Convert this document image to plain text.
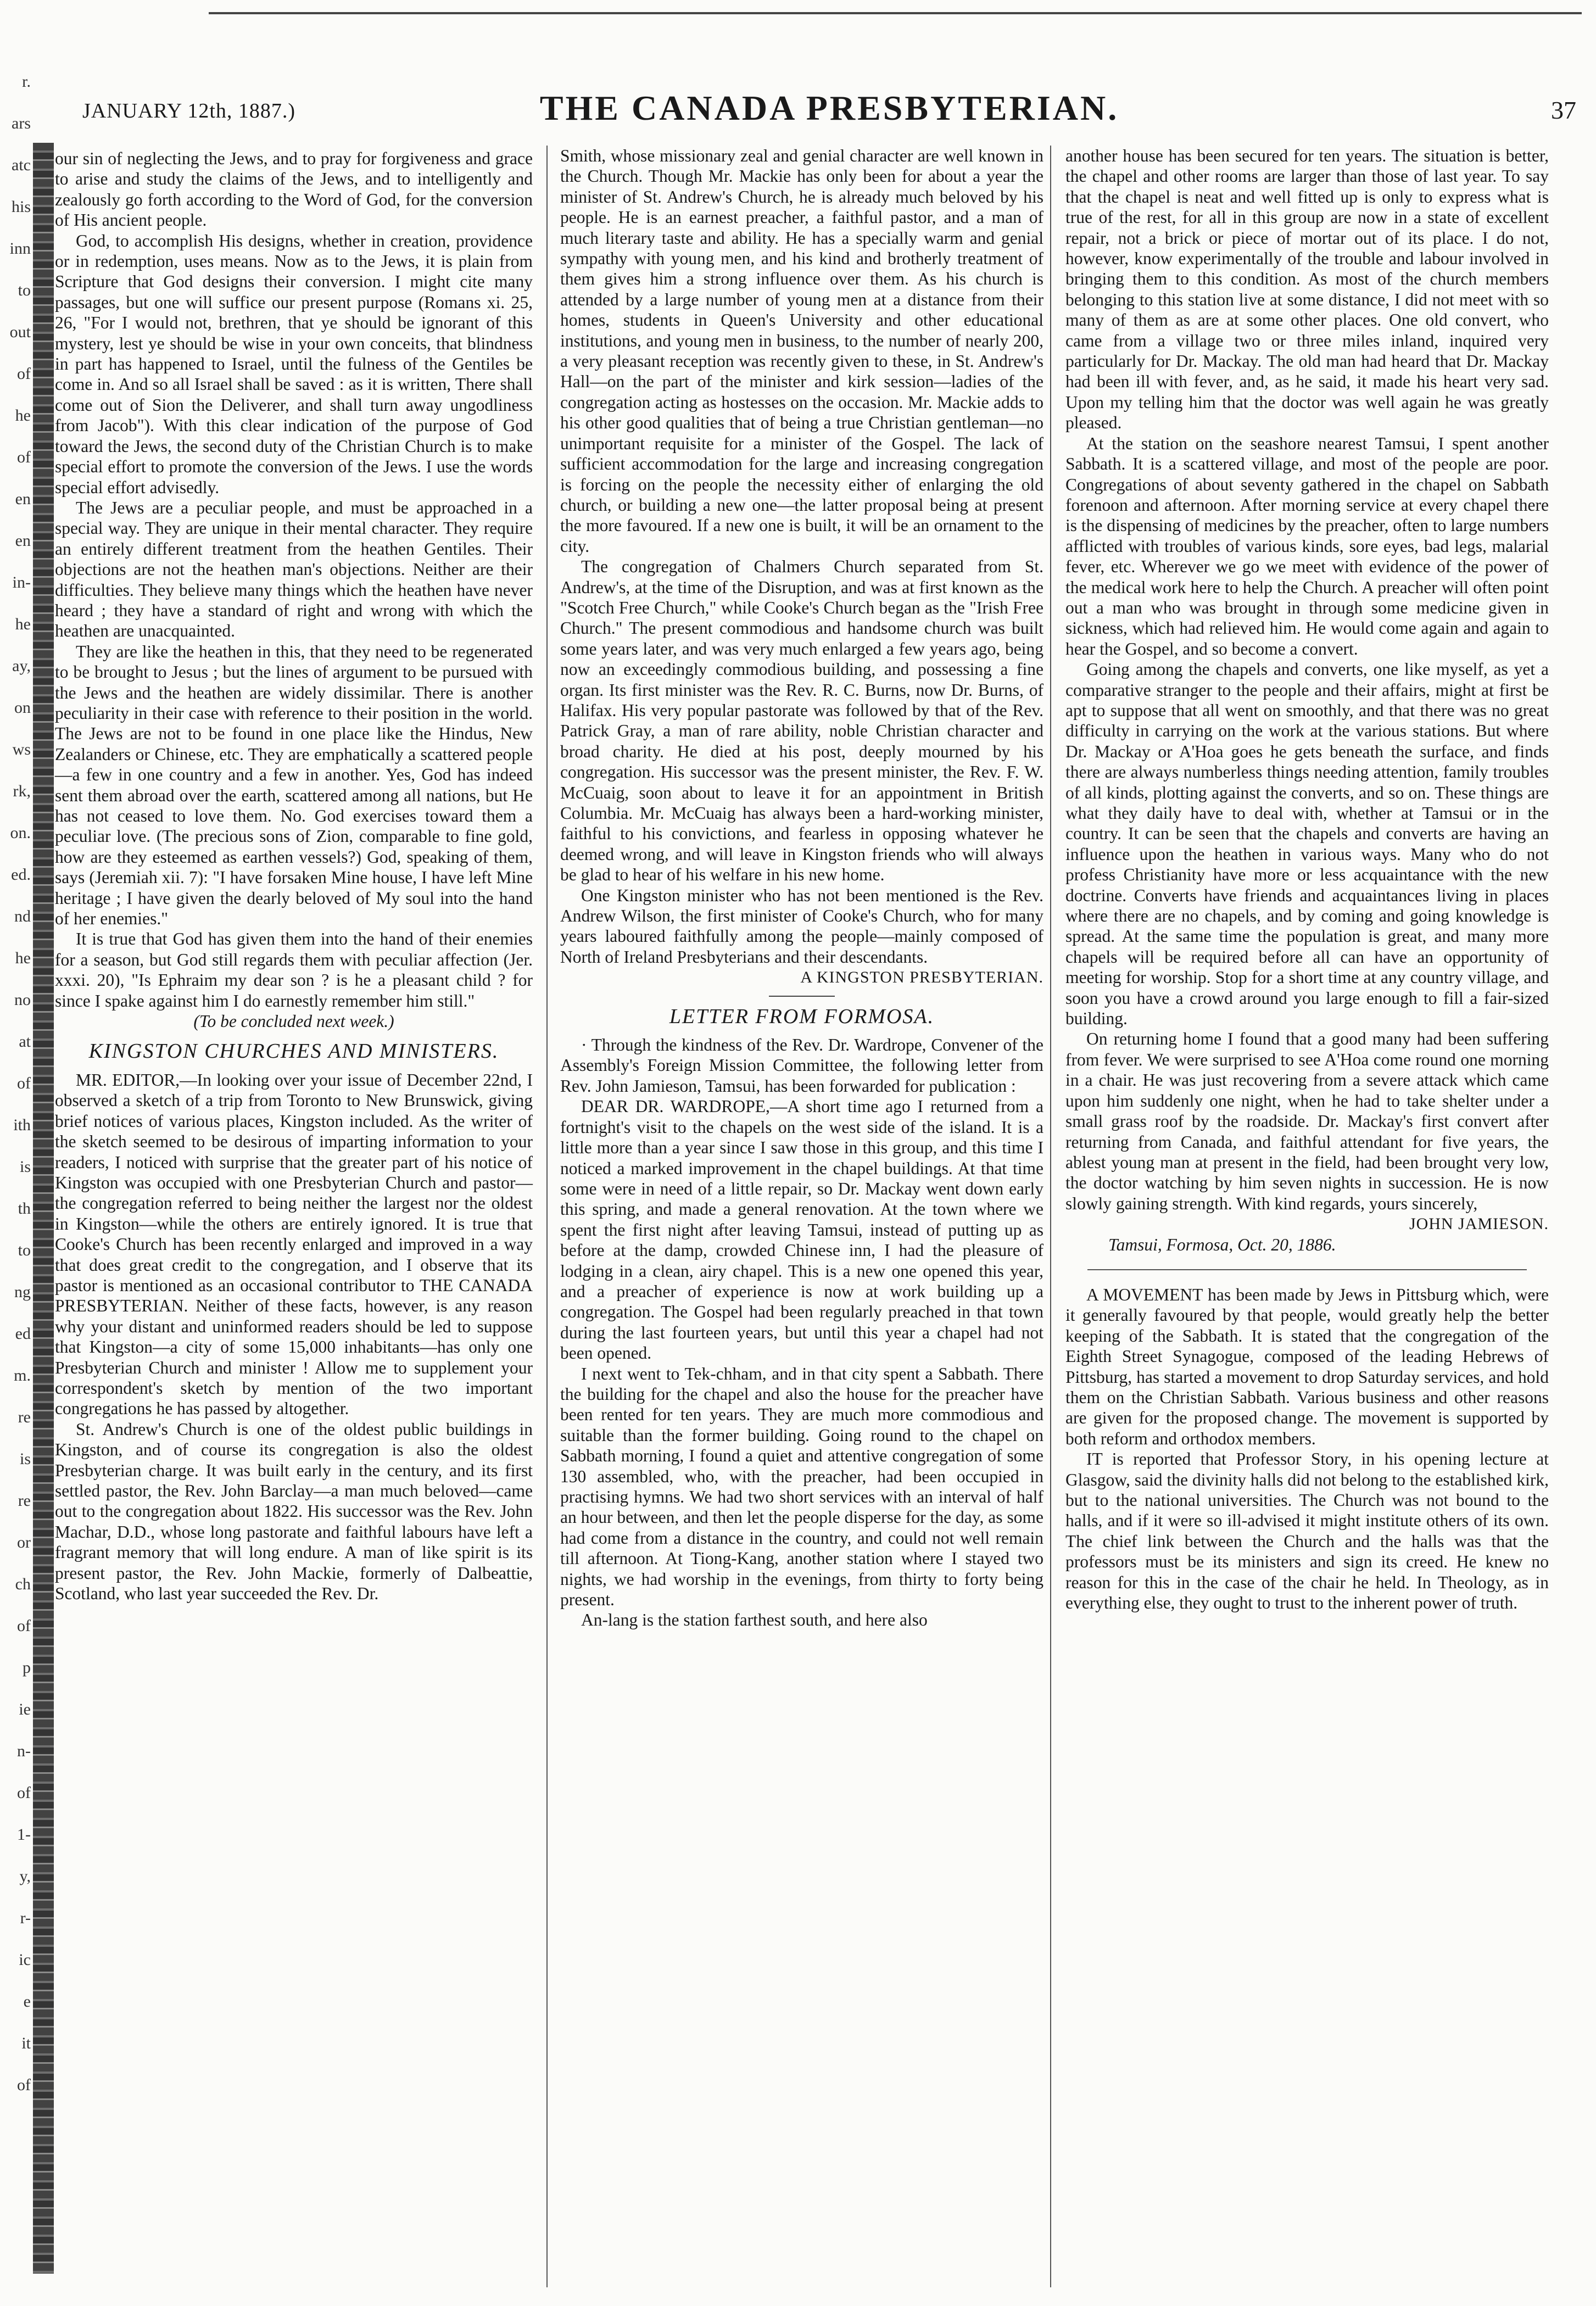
r.
ars
atc
his
inn
to
out
of
he
of
en
en
in-
he
ay,
on
ws
rk,
on.
ed.
nd
he
no
at
of
ith
is
th
to
ng
ed
m.
re
is
re
or
ch
of
p
ie
n-
of
1-
y,
r-
ic
e
it
of
JANUARY 12th, 1887.)	THE CANADA PRESBYTERIAN.	37

our sin of neglecting the Jews, and to pray for forgiveness and grace to arise and study the claims of the Jews, and to intelligently and zealously go forth according to the Word of God, for the conversion of His ancient people.

God, to accomplish His designs, whether in creation, providence or in redemption, uses means. Now as to the Jews, it is plain from Scripture that God designs their conversion. I might cite many passages, but one will suffice our present purpose (Romans xi. 25, 26, "For I would not, brethren, that ye should be ignorant of this mystery, lest ye should be wise in your own conceits, that blindness in part has happened to Israel, until the fulness of the Gentiles be come in. And so all Israel shall be saved : as it is written, There shall come out of Sion the Deliverer, and shall turn away ungodliness from Jacob"). With this clear indication of the purpose of God toward the Jews, the second duty of the Christian Church is to make special effort to promote the conversion of the Jews. I use the words special effort advisedly.

The Jews are a peculiar people, and must be approached in a special way. They are unique in their mental character. They require an entirely different treatment from the heathen Gentiles. Their objections are not the heathen man's objections. Neither are their difficulties. They believe many things which the heathen have never heard ; they have a standard of right and wrong with which the heathen are unacquainted.

They are like the heathen in this, that they need to be regenerated to be brought to Jesus ; but the lines of argument to be pursued with the Jews and the heathen are widely dissimilar. There is another peculiarity in their case with reference to their position in the world. The Jews are not to be found in one place like the Hindus, New Zealanders or Chinese, etc. They are emphatically a scattered people —a few in one country and a few in another. Yes, God has indeed sent them abroad over the earth, scattered among all nations, but He has not ceased to love them. No. God exercises toward them a peculiar love. (The precious sons of Zion, comparable to fine gold, how are they esteemed as earthen vessels?) God, speaking of them, says (Jeremiah xii. 7): "I have forsaken Mine house, I have left Mine heritage ; I have given the dearly beloved of My soul into the hand of her enemies."

It is true that God has given them into the hand of their enemies for a season, but God still regards them with peculiar affection (Jer. xxxi. 20), "Is Ephraim my dear son ? is he a pleasant child ? for since I spake against him I do earnestly remember him still."

(To be concluded next week.)

KINGSTON CHURCHES AND MINISTERS.

MR. EDITOR,—In looking over your issue of December 22nd, I observed a sketch of a trip from Toronto to New Brunswick, giving brief notices of various places, Kingston included. As the writer of the sketch seemed to be desirous of imparting information to your readers, I noticed with surprise that the greater part of his notice of Kingston was occupied with one Presbyterian Church and pastor—the congregation referred to being neither the largest nor the oldest in Kingston—while the others are entirely ignored. It is true that Cooke's Church has been recently enlarged and improved in a way that does great credit to the congregation, and I observe that its pastor is mentioned as an occasional contributor to THE CANADA PRESBYTERIAN. Neither of these facts, however, is any reason why your distant and uninformed readers should be led to suppose that Kingston—a city of some 15,000 inhabitants—has only one Presbyterian Church and minister ! Allow me to supplement your correspondent's sketch by mention of the two important congregations he has passed by altogether.

St. Andrew's Church is one of the oldest public buildings in Kingston, and of course its congregation is also the oldest Presbyterian charge. It was built early in the century, and its first settled pastor, the Rev. John Barclay—a man much beloved—came out to the congregation about 1822. His successor was the Rev. John Machar, D.D., whose long pastorate and faithful labours have left a fragrant memory that will long endure. A man of like spirit is its present pastor, the Rev. John Mackie, formerly of Dalbeattie, Scotland, who last year succeeded the Rev. Dr.

Smith, whose missionary zeal and genial character are well known in the Church. Though Mr. Mackie has only been for about a year the minister of St. Andrew's Church, he is already much beloved by his people. He is an earnest preacher, a faithful pastor, and a man of much literary taste and ability. He has a specially warm and genial sympathy with young men, and his kind and brotherly treatment of them gives him a strong influence over them. As his church is attended by a large number of young men at a distance from their homes, students in Queen's University and other educational institutions, and young men in business, to the number of nearly 200, a very pleasant reception was recently given to these, in St. Andrew's Hall—on the part of the minister and kirk session—ladies of the congregation acting as hostesses on the occasion. Mr. Mackie adds to his other good qualities that of being a true Christian gentleman—no unimportant requisite for a minister of the Gospel. The lack of sufficient accommodation for the large and increasing congregation is forcing on the people the necessity either of enlarging the old church, or building a new one—the latter proposal being at present the more favoured. If a new one is built, it will be an ornament to the city.

The congregation of Chalmers Church separated from St. Andrew's, at the time of the Disruption, and was at first known as the "Scotch Free Church," while Cooke's Church began as the "Irish Free Church." The present commodious and handsome church was built some years later, and was very much enlarged a few years ago, being now an exceedingly commodious building, and possessing a fine organ. Its first minister was the Rev. R. C. Burns, now Dr. Burns, of Halifax. His very popular pastorate was followed by that of the Rev. Patrick Gray, a man of rare ability, noble Christian character and broad charity. He died at his post, deeply mourned by his congregation. His successor was the present minister, the Rev. F. W. McCuaig, soon about to leave it for an appointment in British Columbia. Mr. McCuaig has always been a hard-working minister, faithful to his convictions, and fearless in opposing whatever he deemed wrong, and will leave in Kingston friends who will always be glad to hear of his welfare in his new home.

One Kingston minister who has not been mentioned is the Rev. Andrew Wilson, the first minister of Cooke's Church, who for many years laboured faithfully among the people—mainly composed of North of Ireland Presbyterians and their descendants.

A KINGSTON PRESBYTERIAN.
LETTER FROM FORMOSA.

· Through the kindness of the Rev. Dr. Wardrope, Convener of the Assembly's Foreign Mission Committee, the following letter from Rev. John Jamieson, Tamsui, has been forwarded for publication :

DEAR DR. WARDROPE,—A short time ago I returned from a fortnight's visit to the chapels on the west side of the island. It is a little more than a year since I saw those in this group, and this time I noticed a marked improvement in the chapel buildings. At that time some were in need of a little repair, so Dr. Mackay went down early this spring, and made a general renovation. At the town where we spent the first night after leaving Tamsui, instead of putting up as before at the damp, crowded Chinese inn, I had the pleasure of lodging in a clean, airy chapel. This is a new one opened this year, and a preacher of experience is now at work building up a congregation. The Gospel had been regularly preached in that town during the last fourteen years, but until this year a chapel had not been opened.

I next went to Tek-chham, and in that city spent a Sabbath. There the building for the chapel and also the house for the preacher have been rented for ten years. They are much more commodious and suitable than the former building. Going round to the chapel on Sabbath morning, I found a quiet and attentive congregation of some 130 assembled, who, with the preacher, had been occupied in practising hymns. We had two short services with an interval of half an hour between, and then let the people disperse for the day, as some had come from a distance in the country, and could not well remain till afternoon. At Tiong-Kang, another station where I stayed two nights, we had worship in the evenings, from thirty to forty being present.

An-lang is the station farthest south, and here also

another house has been secured for ten years. The situation is better, the chapel and other rooms are larger than those of last year. To say that the chapel is neat and well fitted up is only to express what is true of the rest, for all in this group are now in a state of excellent repair, not a brick or piece of mortar out of its place. I do not, however, know experimentally of the trouble and labour involved in bringing them to this condition. As most of the church members belonging to this station live at some distance, I did not meet with so many of them as are at some other places. One old convert, who came from a village two or three miles inland, inquired very particularly for Dr. Mackay. The old man had heard that Dr. Mackay had been ill with fever, and, as he said, it made his heart very sad. Upon my telling him that the doctor was well again he was greatly pleased.

At the station on the seashore nearest Tamsui, I spent another Sabbath. It is a scattered village, and most of the people are poor. Congregations of about seventy gathered in the chapel on Sabbath forenoon and afternoon. After morning service at every chapel there is the dispensing of medicines by the preacher, often to large numbers afflicted with troubles of various kinds, sore eyes, bad legs, malarial fever, etc. Wherever we go we meet with evidence of the power of the medical work here to help the Church. A preacher will often point out a man who was brought in through some medicine given in sickness, which had relieved him. He would come again and again to hear the Gospel, and so become a convert.

Going among the chapels and converts, one like myself, as yet a comparative stranger to the people and their affairs, might at first be apt to suppose that all went on smoothly, and that there was no great difficulty in carrying on the work at the various stations. But where Dr. Mackay or A'Hoa goes he gets beneath the surface, and finds there are always numberless things needing attention, family troubles of all kinds, plotting against the converts, and so on. These things are what they daily have to deal with, whether at Tamsui or in the country. It can be seen that the chapels and converts are having an influence upon the heathen in various ways. Many who do not profess Christianity have more or less acquaintance with the new doctrine. Converts have friends and acquaintances living in places where there are no chapels, and by coming and going knowledge is spread. At the same time the population is great, and many more chapels will be required before all can have an opportunity of meeting for worship. Stop for a short time at any country village, and soon you have a crowd around you large enough to fill a fair-sized building.

On returning home I found that a good many had been suffering from fever. We were surprised to see A'Hoa come round one morning in a chair. He was just recovering from a severe attack which came upon him suddenly one night, when he had to take shelter under a small grass roof by the roadside. Dr. Mackay's first convert after returning from Canada, and faithful attendant for five years, the ablest young man at present in the field, had been brought very low, the doctor watching by him seven nights in succession. He is now slowly gaining strength. With kind regards, yours sincerely,

JOHN JAMIESON.

Tamsui, Formosa, Oct. 20, 1886.

A MOVEMENT has been made by Jews in Pittsburg which, were it generally favoured by that people, would greatly help the better keeping of the Sabbath. It is stated that the congregation of the Eighth Street Synagogue, composed of the leading Hebrews of Pittsburg, has started a movement to drop Saturday services, and hold them on the Christian Sabbath. Various business and other reasons are given for the proposed change. The movement is supported by both reform and orthodox members.

IT is reported that Professor Story, in his opening lecture at Glasgow, said the divinity halls did not belong to the established kirk, but to the national universities. The Church was not bound to the halls, and if it were so ill-advised it might institute others of its own. The chief link between the Church and the halls was that the professors must be its ministers and sign its creed. He knew no reason for this in the case of the chair he held. In Theology, as in everything else, they ought to trust to the inherent power of truth.
